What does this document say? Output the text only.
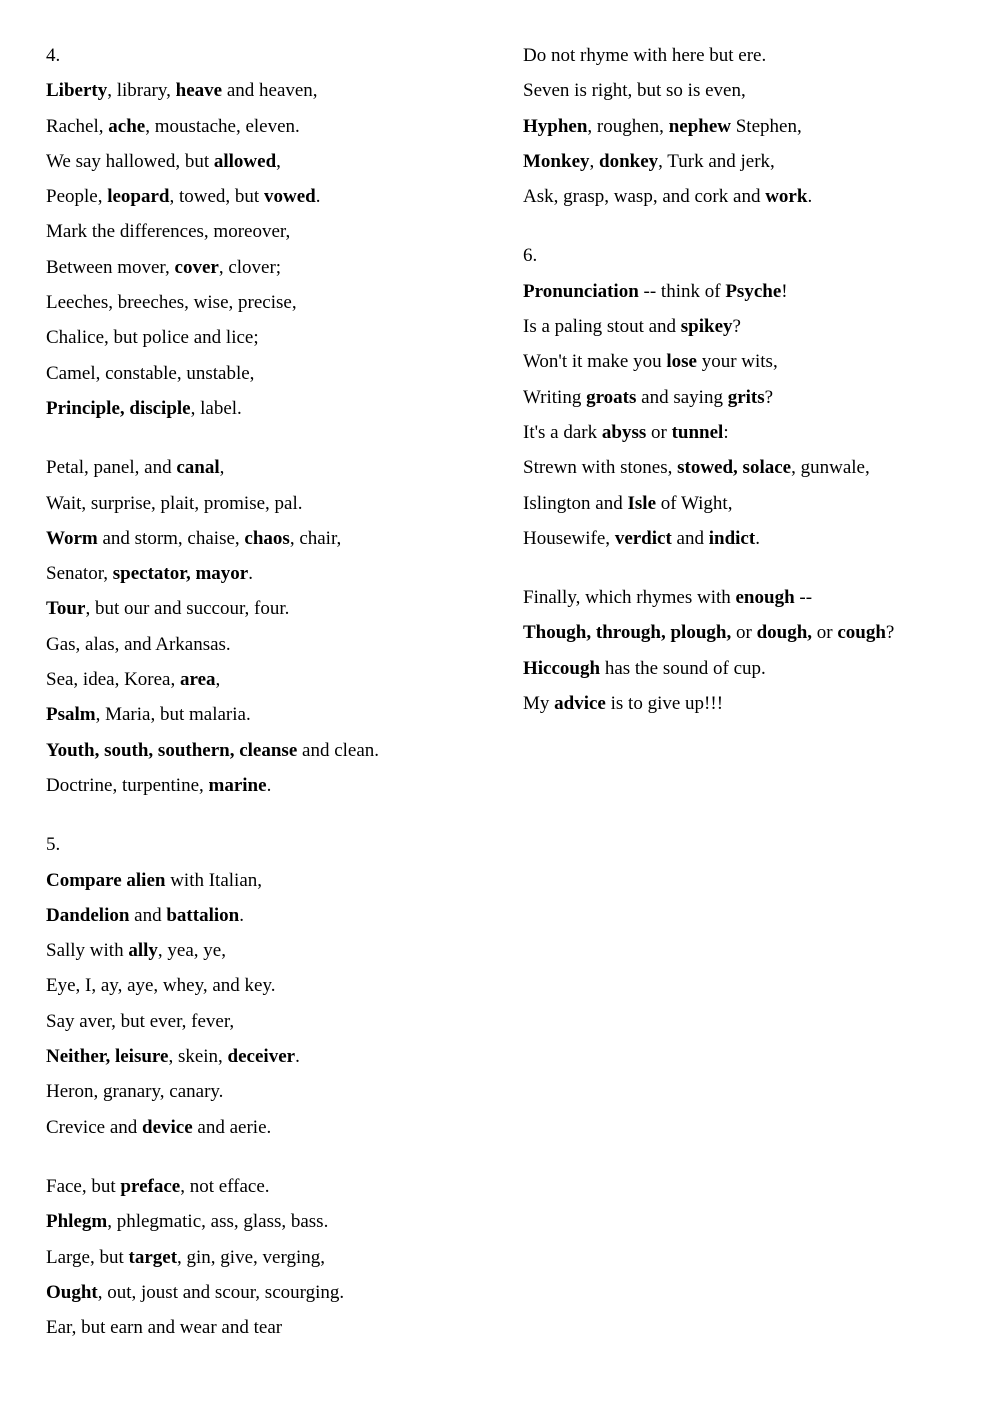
4.
Liberty, library, heave and heaven,
Rachel, ache, moustache, eleven.
We say hallowed, but allowed,
People, leopard, towed, but vowed.
Mark the differences, moreover,
Between mover, cover, clover;
Leeches, breeches, wise, precise,
Chalice, but police and lice;
Camel, constable, unstable,
Principle, disciple, label.
Petal, panel, and canal,
Wait, surprise, plait, promise, pal.
Worm and storm, chaise, chaos, chair,
Senator, spectator, mayor.
Tour, but our and succour, four.
Gas, alas, and Arkansas.
Sea, idea, Korea, area,
Psalm, Maria, but malaria.
Youth, south, southern, cleanse and clean.
Doctrine, turpentine, marine.
5.
Compare alien with Italian,
Dandelion and battalion.
Sally with ally, yea, ye,
Eye, I, ay, aye, whey, and key.
Say aver, but ever, fever,
Neither, leisure, skein, deceiver.
Heron, granary, canary.
Crevice and device and aerie.
Face, but preface, not efface.
Phlegm, phlegmatic, ass, glass, bass.
Large, but target, gin, give, verging,
Ought, out, joust and scour, scourging.
Ear, but earn and wear and tear
Do not rhyme with here but ere.
Seven is right, but so is even,
Hyphen, roughen, nephew Stephen,
Monkey, donkey, Turk and jerk,
Ask, grasp, wasp, and cork and work.
6.
Pronunciation -- think of Psyche!
Is a paling stout and spikey?
Won't it make you lose your wits,
Writing groats and saying grits?
It's a dark abyss or tunnel:
Strewn with stones, stowed, solace, gunwale,
Islington and Isle of Wight,
Housewife, verdict and indict.
Finally, which rhymes with enough --
Though, through, plough, or dough, or cough?
Hiccough has the sound of cup.
My advice is to give up!!!
